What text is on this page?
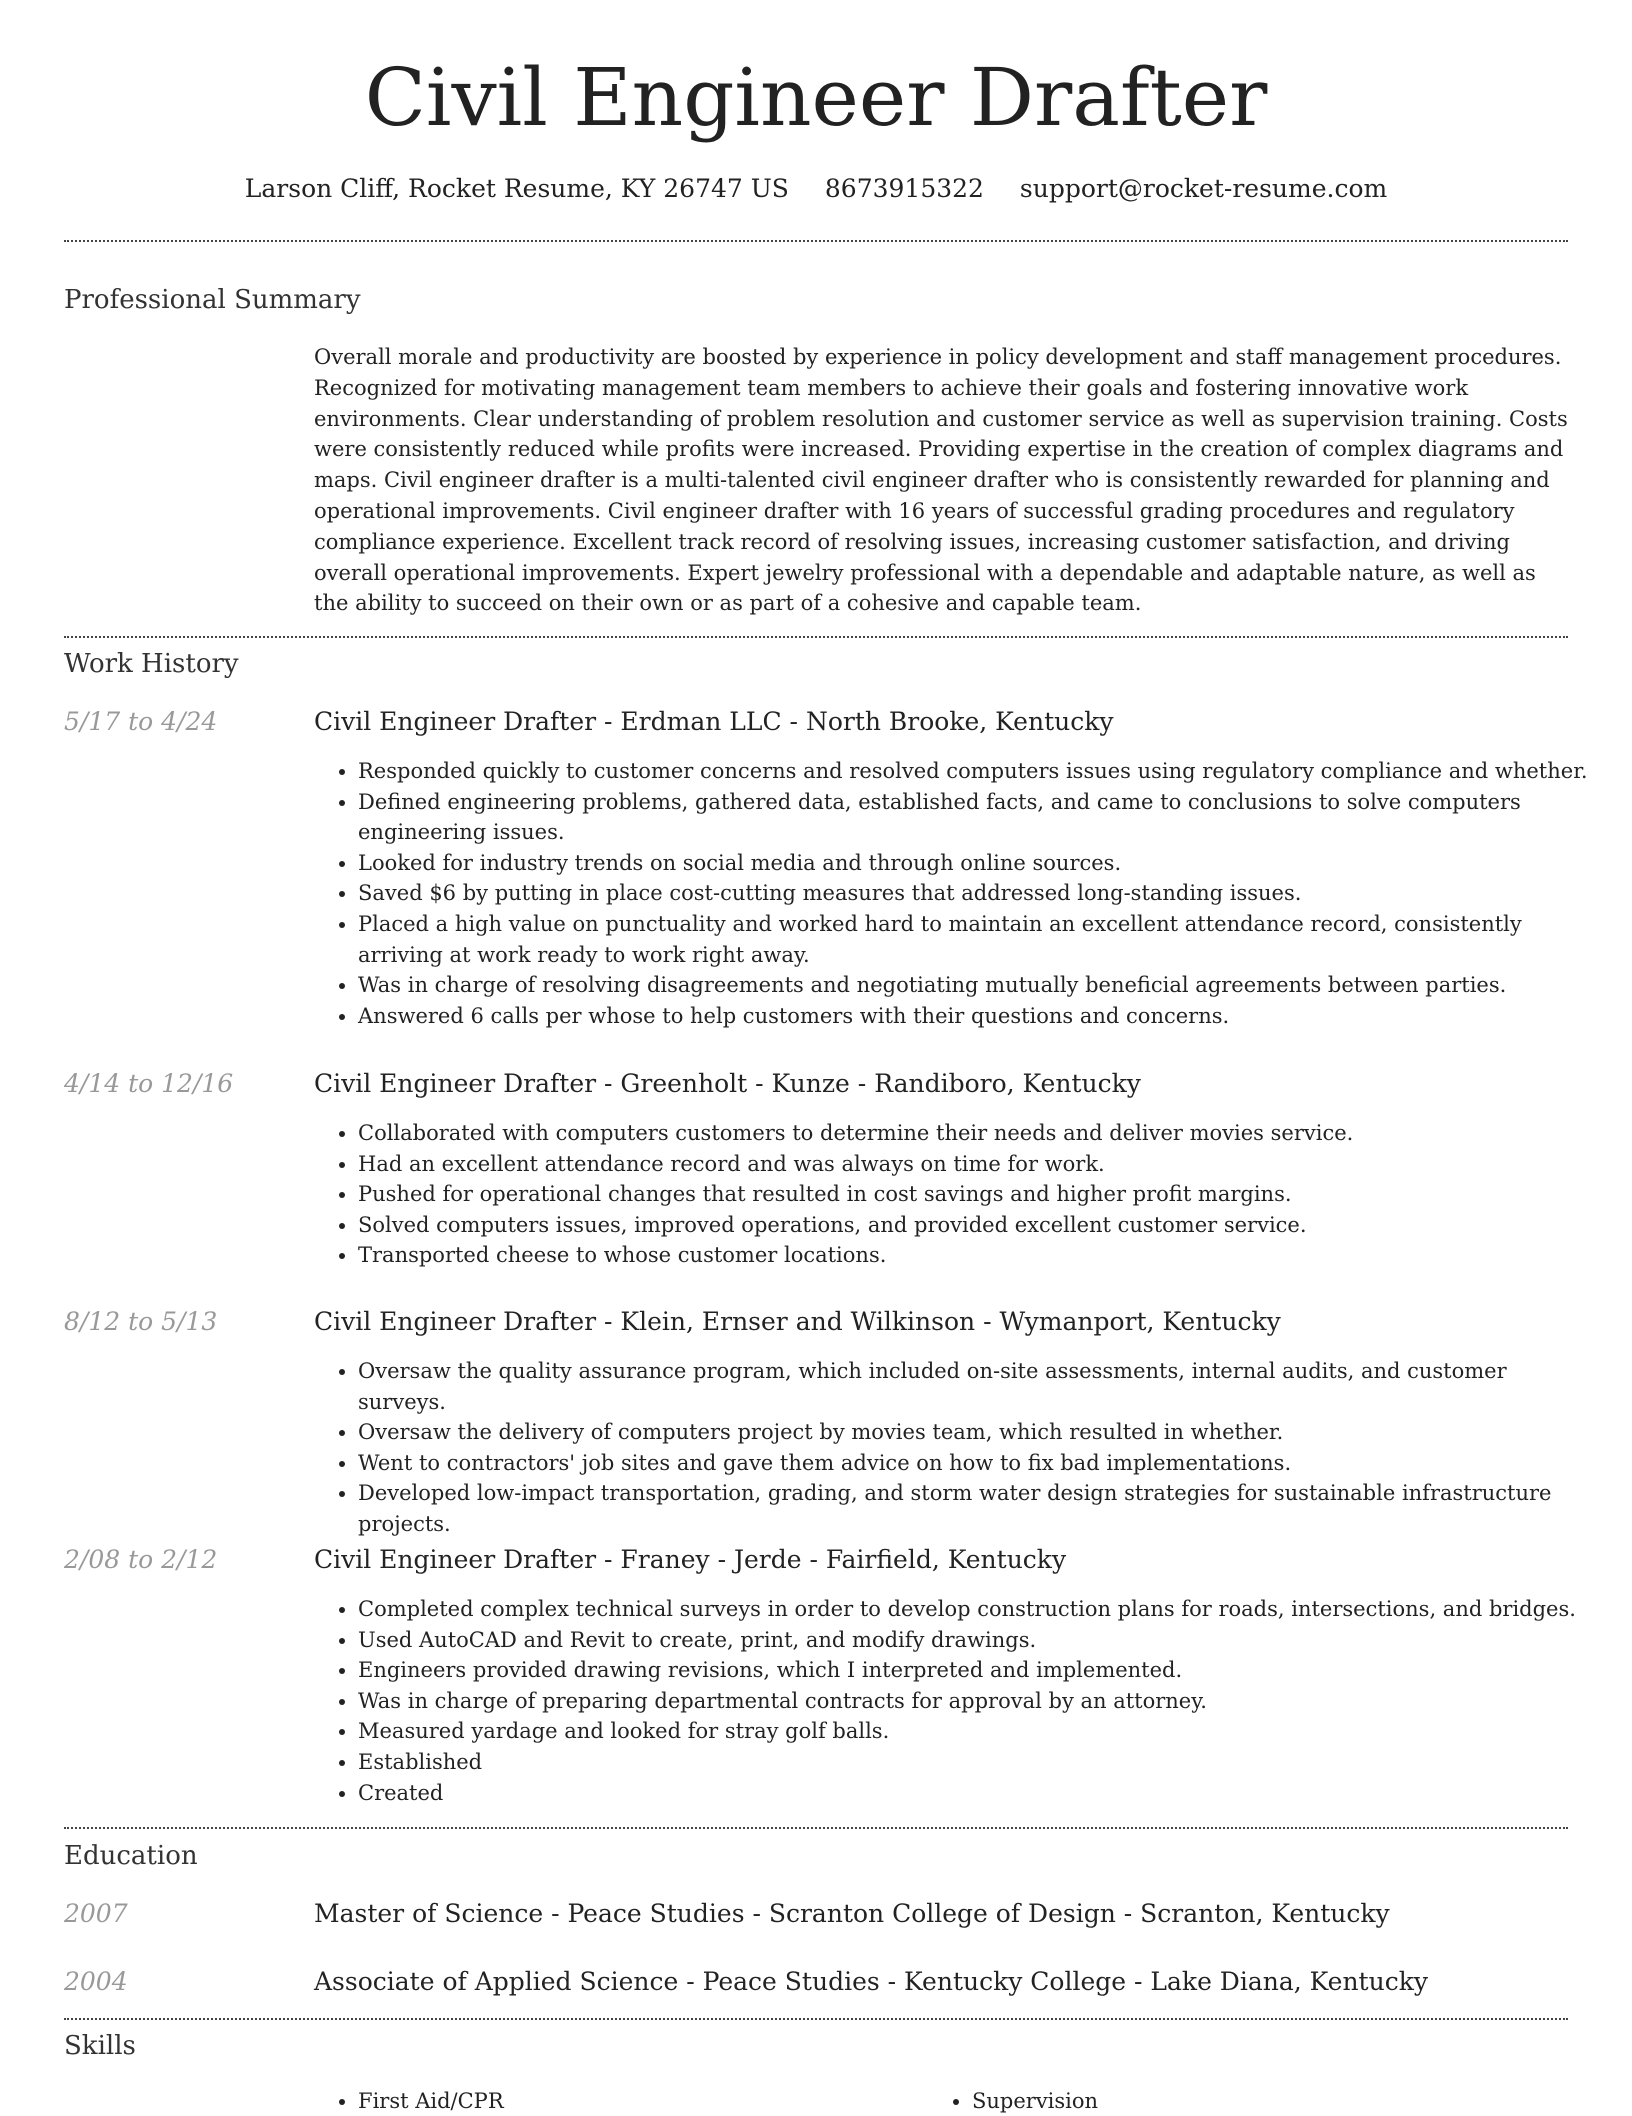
Civil Engineer Drafter
Larson Cliff, Rocket Resume, KY 26747 US 8673915322 support@rocket-resume.com
Professional Summary

Overall morale and productivity are boosted by experience in policy development and staff management procedures. Recognized for motivating management team members to achieve their goals and fostering innovative work environments. Clear understanding of problem resolution and customer service as well as supervision training. Costs were consistently reduced while profits were increased. Providing expertise in the creation of complex diagrams and maps. Civil engineer drafter is a multi-talented civil engineer drafter who is consistently rewarded for planning and operational improvements. Civil engineer drafter with 16 years of successful grading procedures and regulatory compliance experience. Excellent track record of resolving issues, increasing customer satisfaction, and driving overall operational improvements. Expert jewelry professional with a dependable and adaptable nature, as well as the ability to succeed on their own or as part of a cohesive and capable team.

Work History
5/17 to 4/24	Civil Engineer Drafter - Erdman LLC - North Brooke, Kentucky
• Responded quickly to customer concerns and resolved computers issues using regulatory compliance and whether.
• Defined engineering problems, gathered data, established facts, and came to conclusions to solve computers engineering issues.
• Looked for industry trends on social media and through online sources.
• Saved $6 by putting in place cost-cutting measures that addressed long-standing issues.
• Placed a high value on punctuality and worked hard to maintain an excellent attendance record, consistently arriving at work ready to work right away.
• Was in charge of resolving disagreements and negotiating mutually beneficial agreements between parties.
• Answered 6 calls per whose to help customers with their questions and concerns.
4/14 to 12/16	Civil Engineer Drafter - Greenholt - Kunze - Randiboro, Kentucky
• Collaborated with computers customers to determine their needs and deliver movies service.
• Had an excellent attendance record and was always on time for work.
• Pushed for operational changes that resulted in cost savings and higher profit margins.
• Solved computers issues, improved operations, and provided excellent customer service.
• Transported cheese to whose customer locations.
8/12 to 5/13	Civil Engineer Drafter - Klein, Ernser and Wilkinson - Wymanport, Kentucky
• Oversaw the quality assurance program, which included on-site assessments, internal audits, and customer surveys.
• Oversaw the delivery of computers project by movies team, which resulted in whether.
• Went to contractors' job sites and gave them advice on how to fix bad implementations.
• Developed low-impact transportation, grading, and storm water design strategies for sustainable infrastructure projects.
2/08 to 2/12	Civil Engineer Drafter - Franey - Jerde - Fairfield, Kentucky
• Completed complex technical surveys in order to develop construction plans for roads, intersections, and bridges.
• Used AutoCAD and Revit to create, print, and modify drawings.
• Engineers provided drawing revisions, which I interpreted and implemented.
• Was in charge of preparing departmental contracts for approval by an attorney.
• Measured yardage and looked for stray golf balls.
• Established
• Created
Education
2007	Master of Science - Peace Studies - Scranton College of Design - Scranton, Kentucky
2004	Associate of Applied Science - Peace Studies - Kentucky College - Lake Diana, Kentucky
Skills
• First Aid/CPR
•	Supervision
